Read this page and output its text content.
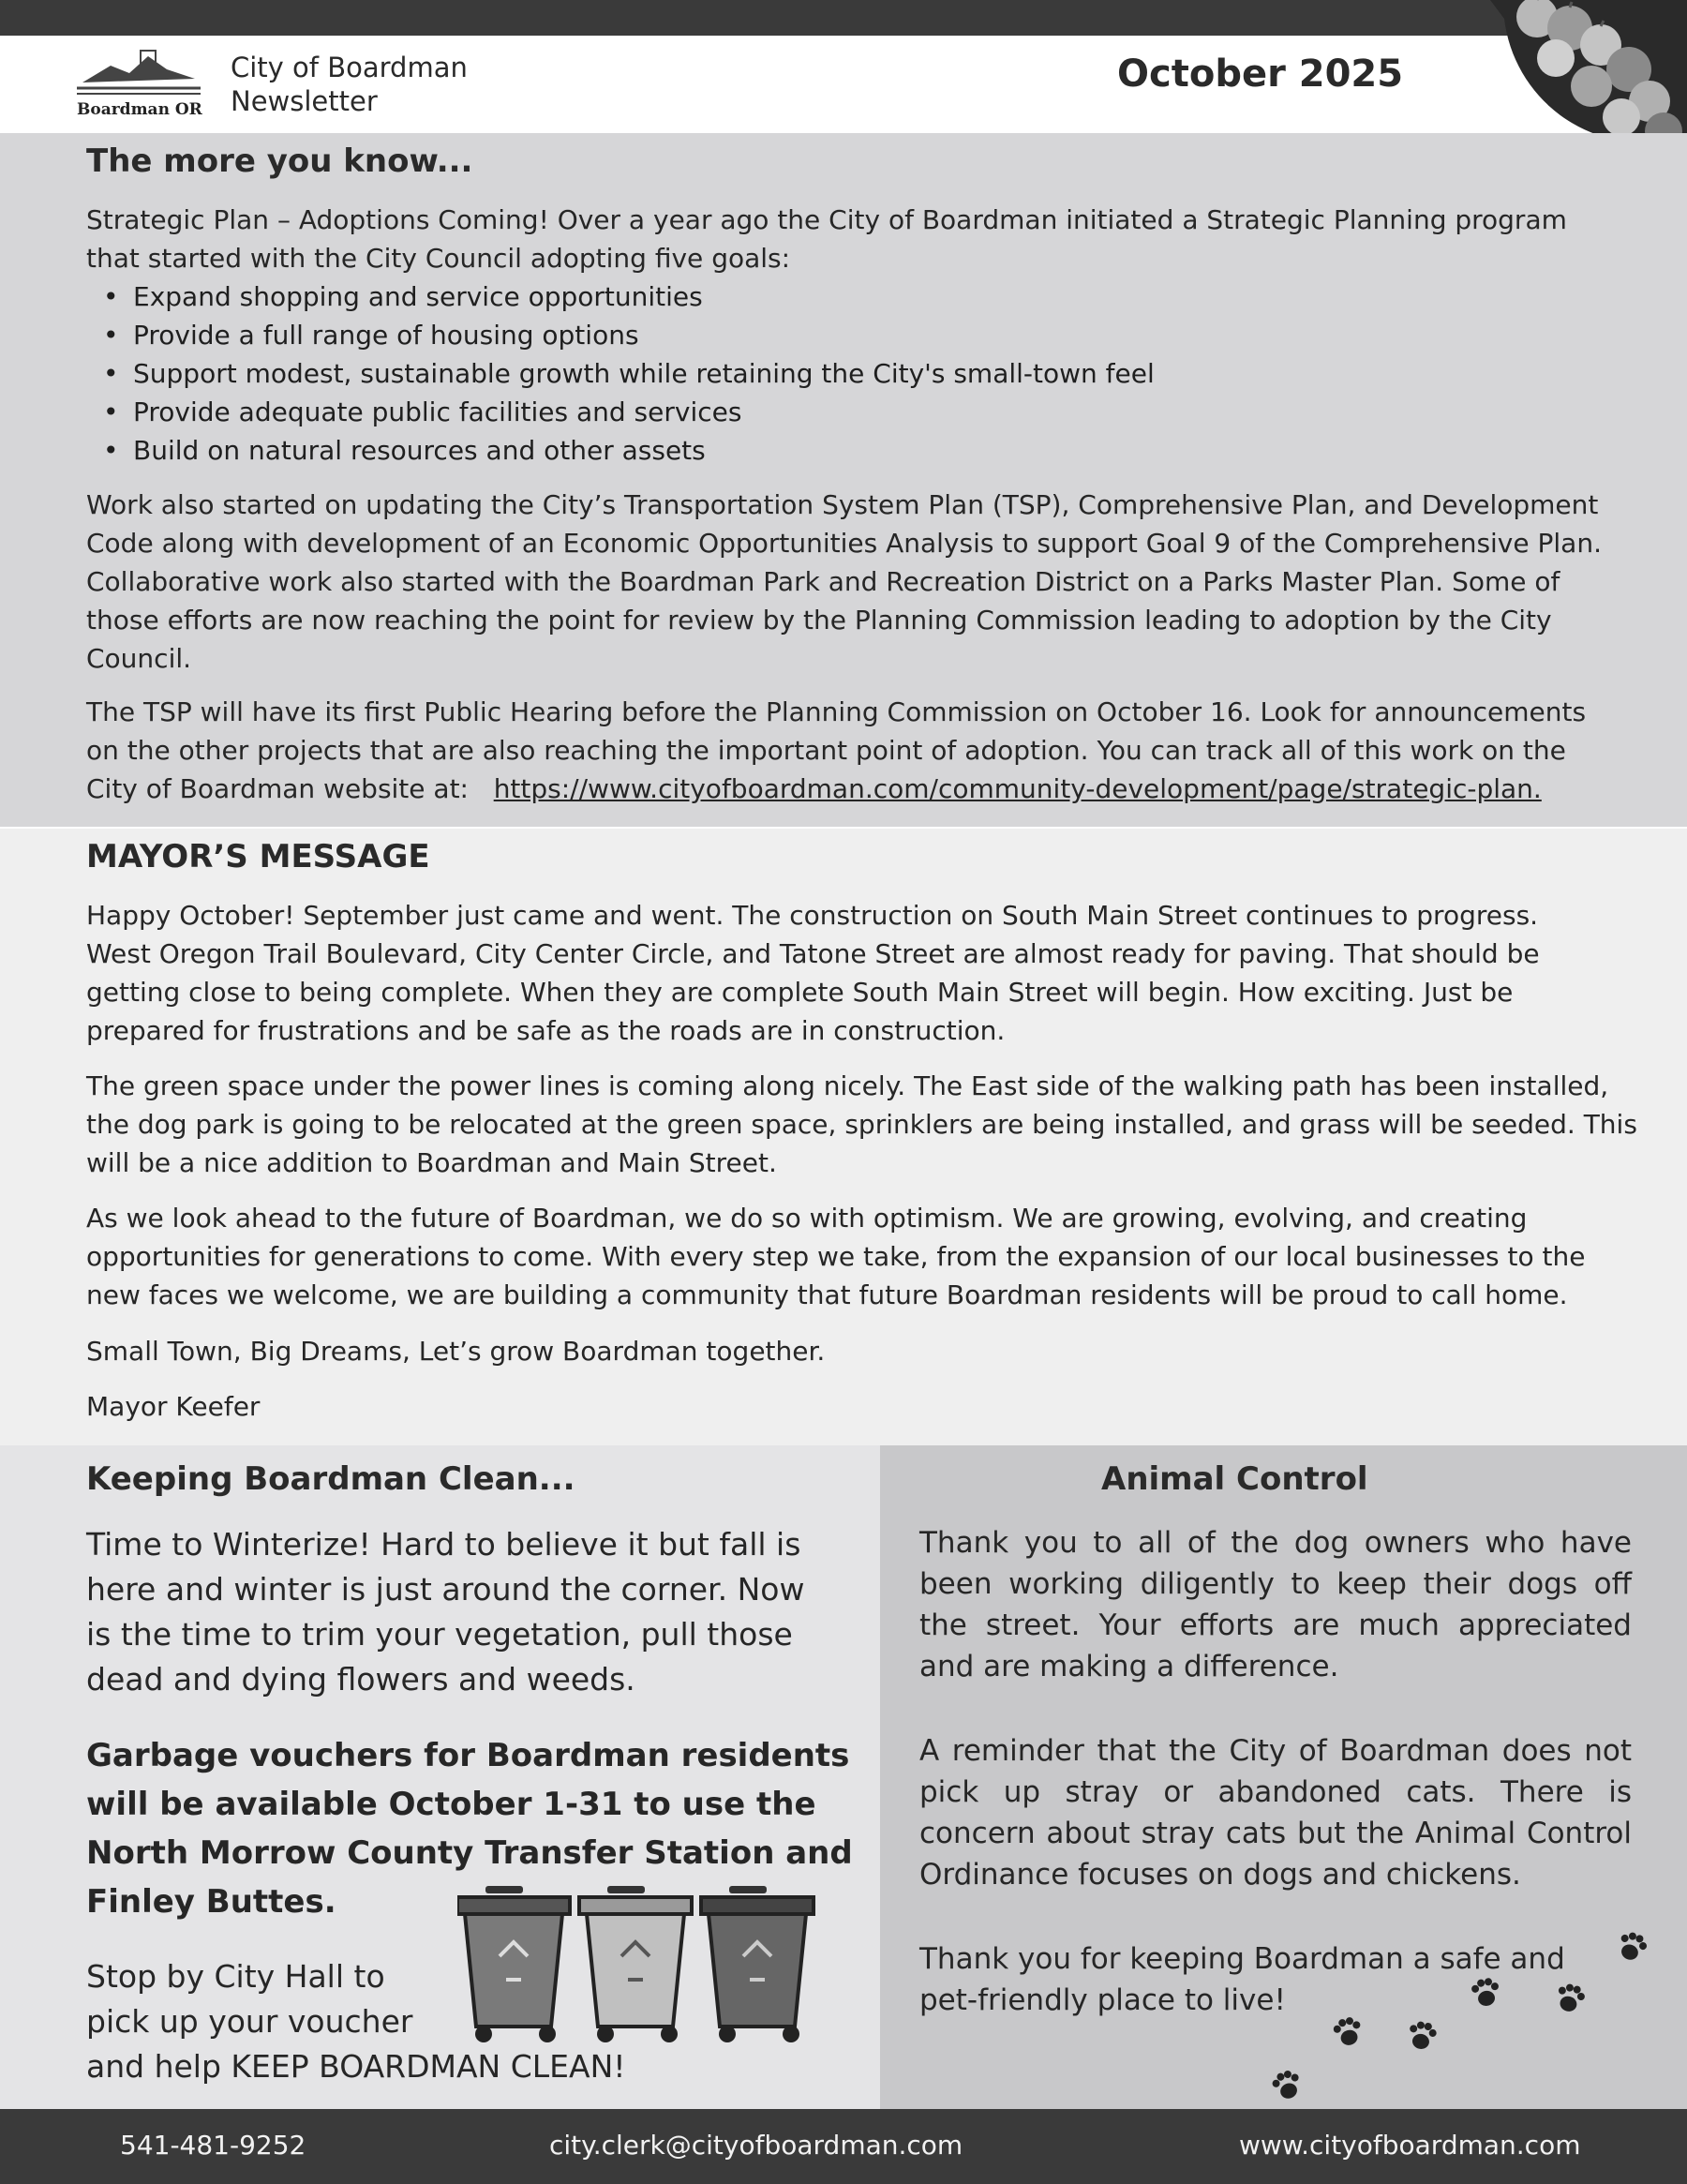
Boardman OR
City of Boardman
Newsletter
October 2025
The more you know...
Strategic Plan – Adoptions Coming! Over a year ago the City of Boardman initiated a Strategic Planning program
that started with the City Council adopting five goals:
• Expand shopping and service opportunities
• Provide a full range of housing options
• Support modest, sustainable growth while retaining the City's small-town feel
• Provide adequate public facilities and services
• Build on natural resources and other assets
Work also started on updating the City’s Transportation System Plan (TSP), Comprehensive Plan, and Development
Code along with development of an Economic Opportunities Analysis to support Goal 9 of the Comprehensive Plan.
Collaborative work also started with the Boardman Park and Recreation District on a Parks Master Plan. Some of
those efforts are now reaching the point for review by the Planning Commission leading to adoption by the City
Council.
The TSP will have its first Public Hearing before the Planning Commission on October 16. Look for announcements
on the other projects that are also reaching the important point of adoption. You can track all of this work on the
City of Boardman website at: https://www.cityofboardman.com/community-development/page/strategic-plan.
MAYOR’S MESSAGE
Happy October! September just came and went. The construction on South Main Street continues to progress.
West Oregon Trail Boulevard, City Center Circle, and Tatone Street are almost ready for paving. That should be
getting close to being complete. When they are complete South Main Street will begin. How exciting. Just be
prepared for frustrations and be safe as the roads are in construction.
The green space under the power lines is coming along nicely. The East side of the walking path has been installed,
the dog park is going to be relocated at the green space, sprinklers are being installed, and grass will be seeded. This
will be a nice addition to Boardman and Main Street.
As we look ahead to the future of Boardman, we do so with optimism. We are growing, evolving, and creating
opportunities for generations to come. With every step we take, from the expansion of our local businesses to the
new faces we welcome, we are building a community that future Boardman residents will be proud to call home.
Small Town, Big Dreams, Let’s grow Boardman together.
Mayor Keefer
Keeping Boardman Clean...
Time to Winterize! Hard to believe it but fall is
here and winter is just around the corner. Now
is the time to trim your vegetation, pull those
dead and dying flowers and weeds.
Garbage vouchers for Boardman residents
will be available October 1-31 to use the
North Morrow County Transfer Station and
Finley Buttes.
Stop by City Hall to
pick up your voucher
and help KEEP BOARDMAN CLEAN!
Animal Control
Thank you to all of the dog owners who have been working diligently to keep their dogs off the street. Your efforts are much appreciated and are making a difference.
A reminder that the City of Boardman does not pick up stray or abandoned cats. There is concern about stray cats but the Animal Control Ordinance focuses on dogs and chickens.
Thank you for keeping Boardman a safe and
pet-friendly place to live!
541-481-9252	city.clerk@cityofboardman.com	www.cityofboardman.com
